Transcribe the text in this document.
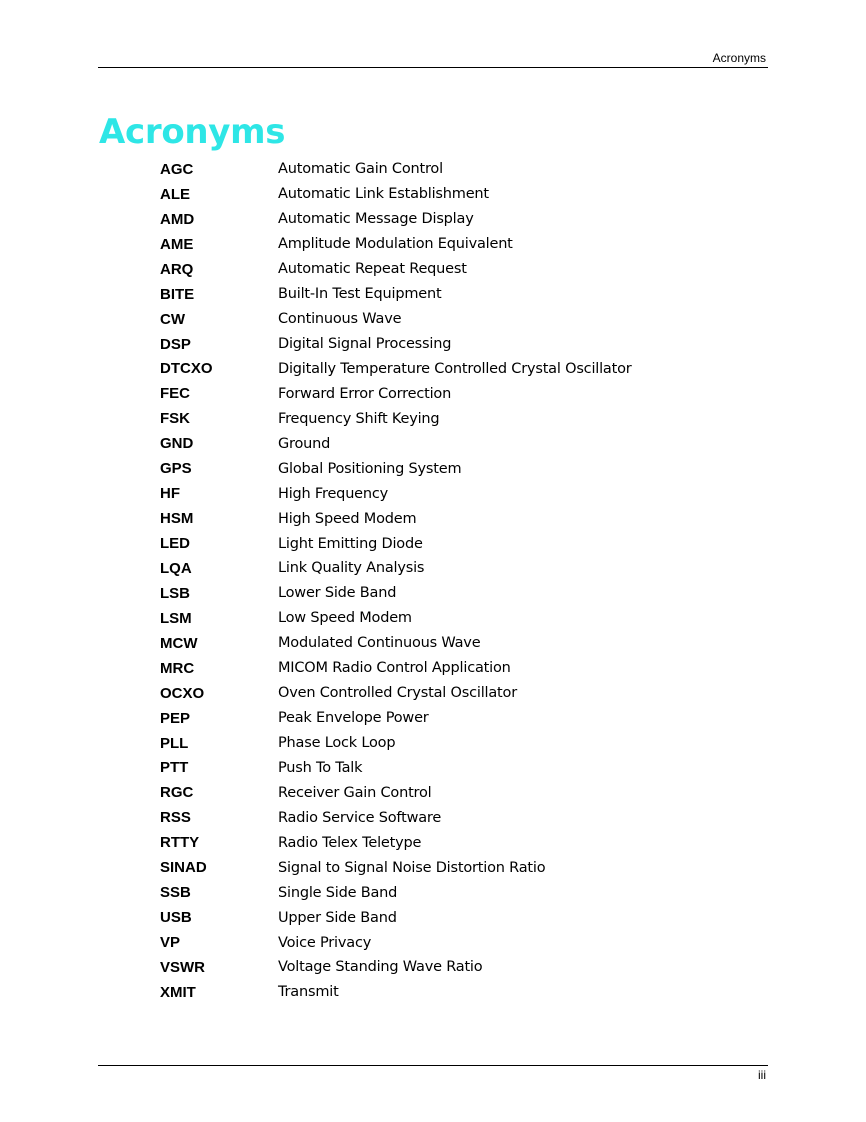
Acronyms
Acronyms
AGC	Automatic Gain Control
ALE	Automatic Link Establishment
AMD	Automatic Message Display
AME	Amplitude Modulation Equivalent
ARQ	Automatic Repeat Request
BITE	Built-In Test Equipment
CW	Continuous Wave
DSP	Digital Signal Processing
DTCXO	Digitally Temperature Controlled Crystal Oscillator
FEC	Forward Error Correction
FSK	Frequency Shift Keying
GND	Ground
GPS	Global Positioning System
HF	High Frequency
HSM	High Speed Modem
LED	Light Emitting Diode
LQA	Link Quality Analysis
LSB	Lower Side Band
LSM	Low Speed Modem
MCW	Modulated Continuous Wave
MRC	MICOM Radio Control Application
OCXO	Oven Controlled Crystal Oscillator
PEP	Peak Envelope Power
PLL	Phase Lock Loop
PTT	Push To Talk
RGC	Receiver Gain Control
RSS	Radio Service Software
RTTY	Radio Telex Teletype
SINAD	Signal to Signal Noise Distortion Ratio
SSB	Single Side Band
USB	Upper Side Band
VP	Voice Privacy
VSWR	Voltage Standing Wave Ratio
XMIT	Transmit
iii
